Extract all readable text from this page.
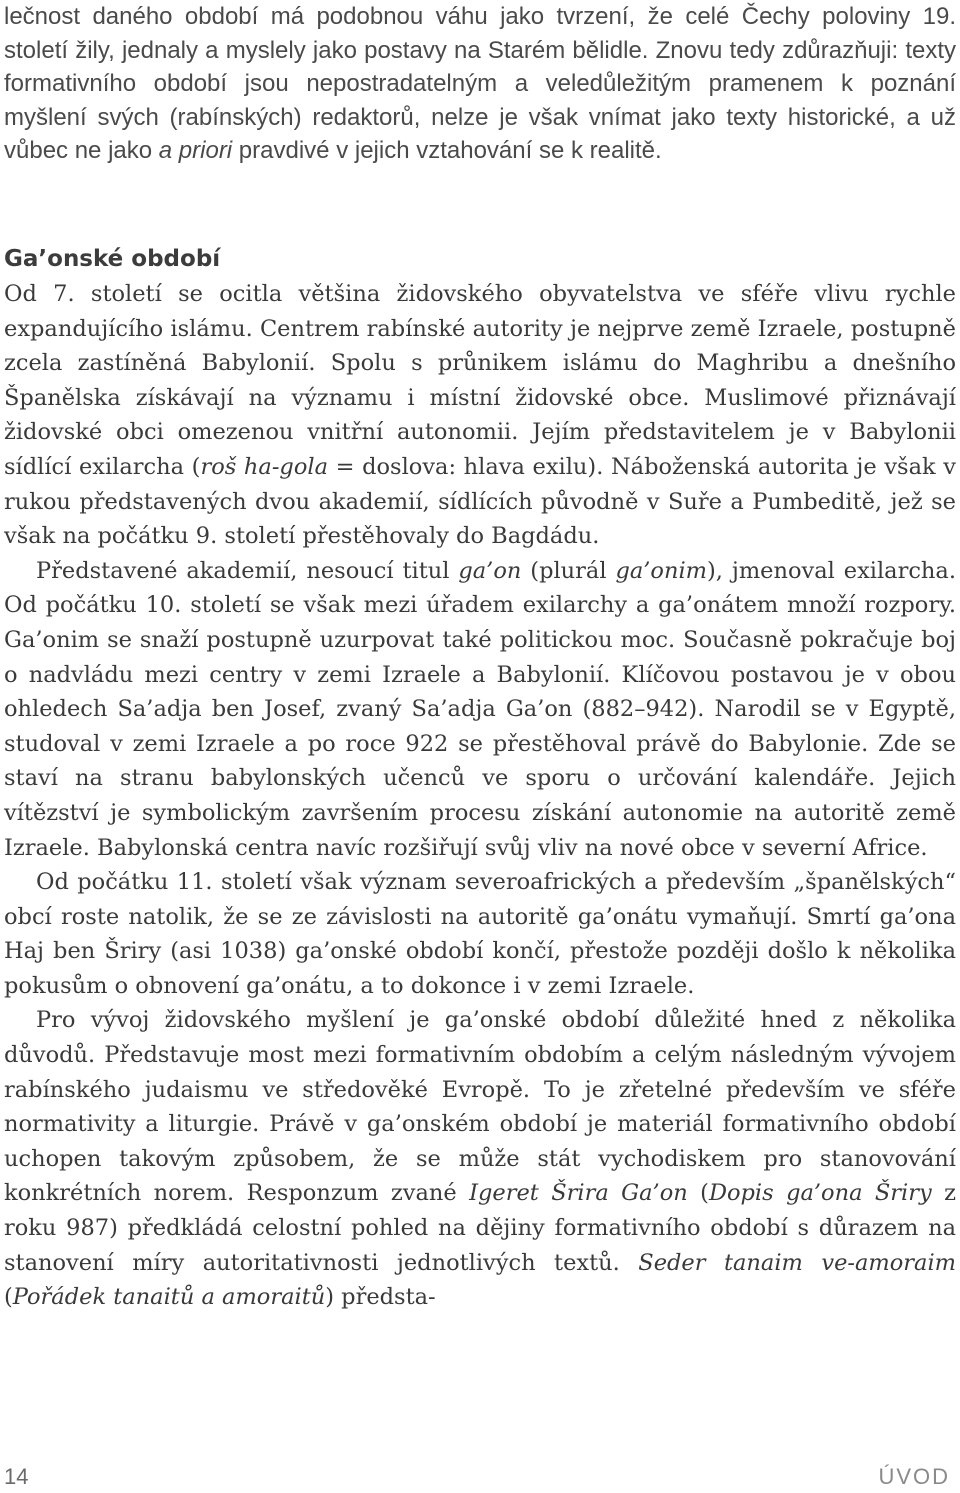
lečnost daného období má podobnou váhu jako tvrzení, že celé Čechy poloviny 19. století žily, jednaly a myslely jako postavy na Starém bělidle. Znovu tedy zdůrazňuji: texty formativního období jsou nepostradatelným a veledůležitým pramenem k poznání myšlení svých (rabínských) redaktorů, nelze je však vnímat jako texty historické, a už vůbec ne jako a priori pravdivé v jejich vztahování se k realitě.

Ga’onské období

Od 7. století se ocitla většina židovského obyvatelstva ve sféře vlivu rychle expandujícího islámu. Centrem rabínské autority je nejprve země Izraele, postupně zcela zastíněná Babylonií. Spolu s průnikem islámu do Maghribu a dnešního Španělska získávají na významu i místní židovské obce. Muslimové přiznávají židovské obci omezenou vnitřní autonomii. Jejím představitelem je v Babylonii sídlící exilarcha (roš ha-gola = doslova: hlava exilu). Náboženská autorita je však v rukou představených dvou akademií, sídlících původně v Suře a Pumbeditě, jež se však na počátku 9. století přestěhovaly do Bagdádu.

Představené akademií, nesoucí titul ga’on (plurál ga’onim), jmenoval exilarcha. Od počátku 10. století se však mezi úřadem exilarchy a ga’onátem množí rozpory. Ga’onim se snaží postupně uzurpovat také politickou moc. Současně pokračuje boj o nadvládu mezi centry v zemi Izraele a Babylonií. Klíčovou postavou je v obou ohledech Sa’adja ben Josef, zvaný Sa’adja Ga’on (882–942). Narodil se v Egyptě, studoval v zemi Izraele a po roce 922 se přestěhoval právě do Babylonie. Zde se staví na stranu babylonských učenců ve sporu o určování kalendáře. Jejich vítězství je symbolickým završením procesu získání autonomie na autoritě země Izraele. Babylonská centra navíc rozšiřují svůj vliv na nové obce v severní Africe.

Od počátku 11. století však význam severoafrických a především „španělských“ obcí roste natolik, že se ze závislosti na autoritě ga’onátu vymaňují. Smrtí ga’ona Haj ben Šriry (asi 1038) ga’onské období končí, přestože později došlo k několika pokusům o obnovení ga’onátu, a to dokonce i v zemi Izraele.

Pro vývoj židovského myšlení je ga’onské období důležité hned z několika důvodů. Představuje most mezi formativním obdobím a celým následným vývojem rabínského judaismu ve středověké Evropě. To je zřetelné především ve sféře normativity a liturgie. Právě v ga’onském období je materiál formativního období uchopen takovým způsobem, že se může stát vychodiskem pro stanovování konkrétních norem. Responzum zvané Igeret Šrira Ga’on (Dopis ga’ona Šriry z roku 987) předkládá celostní pohled na dějiny formativního období s důrazem na stanovení míry autoritativnosti jednotlivých textů. Seder tanaim ve-amoraim (Pořádek tanaitů a amoraitů) předsta-

14	ÚVOD
